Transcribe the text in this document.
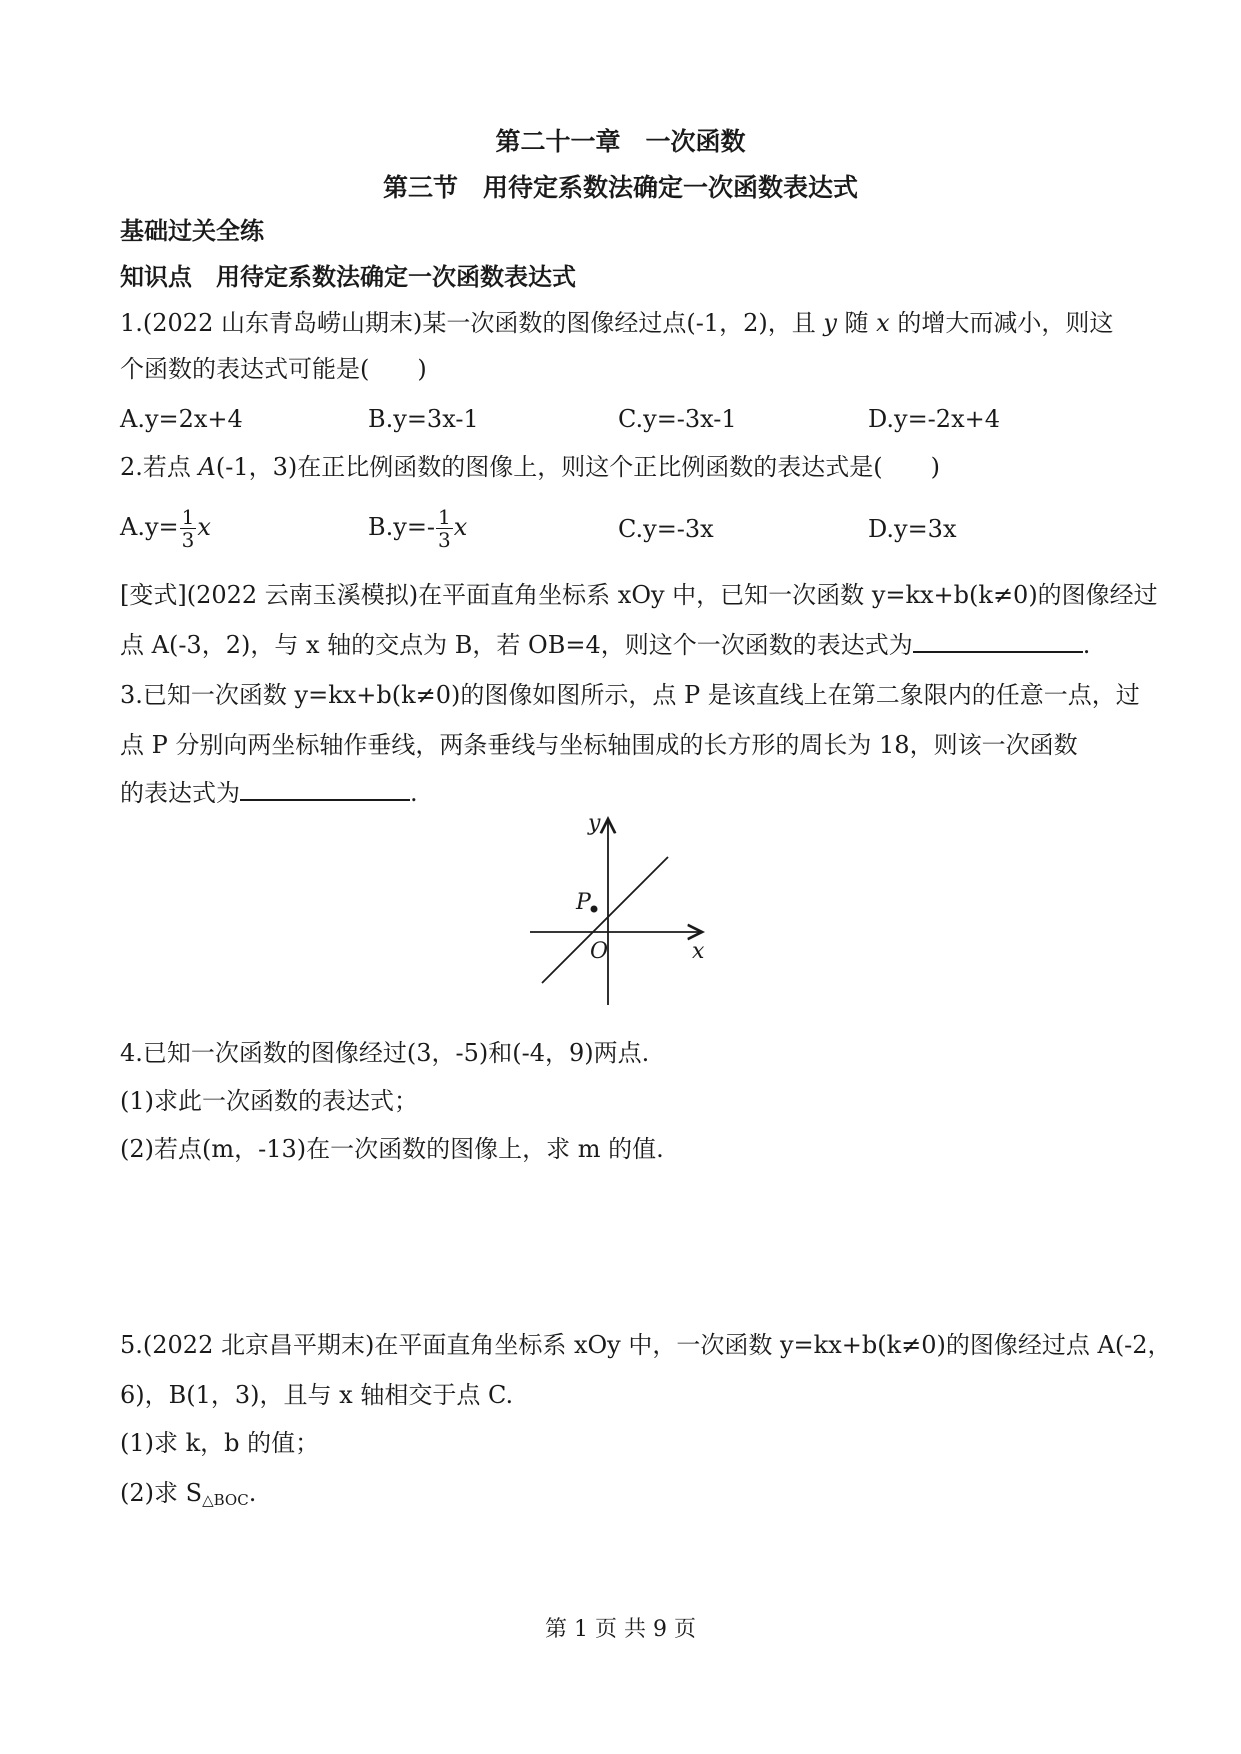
第二十一章　一次函数
第三节　用待定系数法确定一次函数表达式
基础过关全练
知识点　用待定系数法确定一次函数表达式
1.(2022 山东青岛崂山期末)某一次函数的图像经过点(-1，2)，且 y 随 x 的增大而减小，则这
个函数的表达式可能是(　　)
A.y=2x+4	B.y=3x-1	C.y=-3x-1	D.y=-2x+4
2.若点 A(-1，3)在正比例函数的图像上，则这个正比例函数的表达式是(　　)
$A.y= \frac{1}{3}$ x	$B.y=- \frac{1}{3}$ x	C.y=-3x	D.y=3x
[变式](2022 云南玉溪模拟)在平面直角坐标系 xOy 中，已知一次函数 y=kx+b(k≠0)的图像经过
点 A(-3，2)，与 x 轴的交点为 B，若 OB=4，则这个一次函数的表达式为	.
3.已知一次函数 y=kx+b(k≠0)的图像如图所示，点 P 是该直线上在第二象限内的任意一点，过
点 P 分别向两坐标轴作垂线，两条垂线与坐标轴围成的长方形的周长为 18，则该一次函数
的表达式为	.
y
x
O
P
4.已知一次函数的图像经过(3，-5)和(-4，9)两点.
(1)求此一次函数的表达式；
(2)若点(m，-13)在一次函数的图像上，求 m 的值.
5.(2022 北京昌平期末)在平面直角坐标系 xOy 中，一次函数 y=kx+b(k≠0)的图像经过点 A(-2，
6)，B(1，3)，且与 x 轴相交于点 C.
(1)求 k，b 的值；
(2)求 $S_{\triangle BOC}$.
第 1 页 共 9 页
